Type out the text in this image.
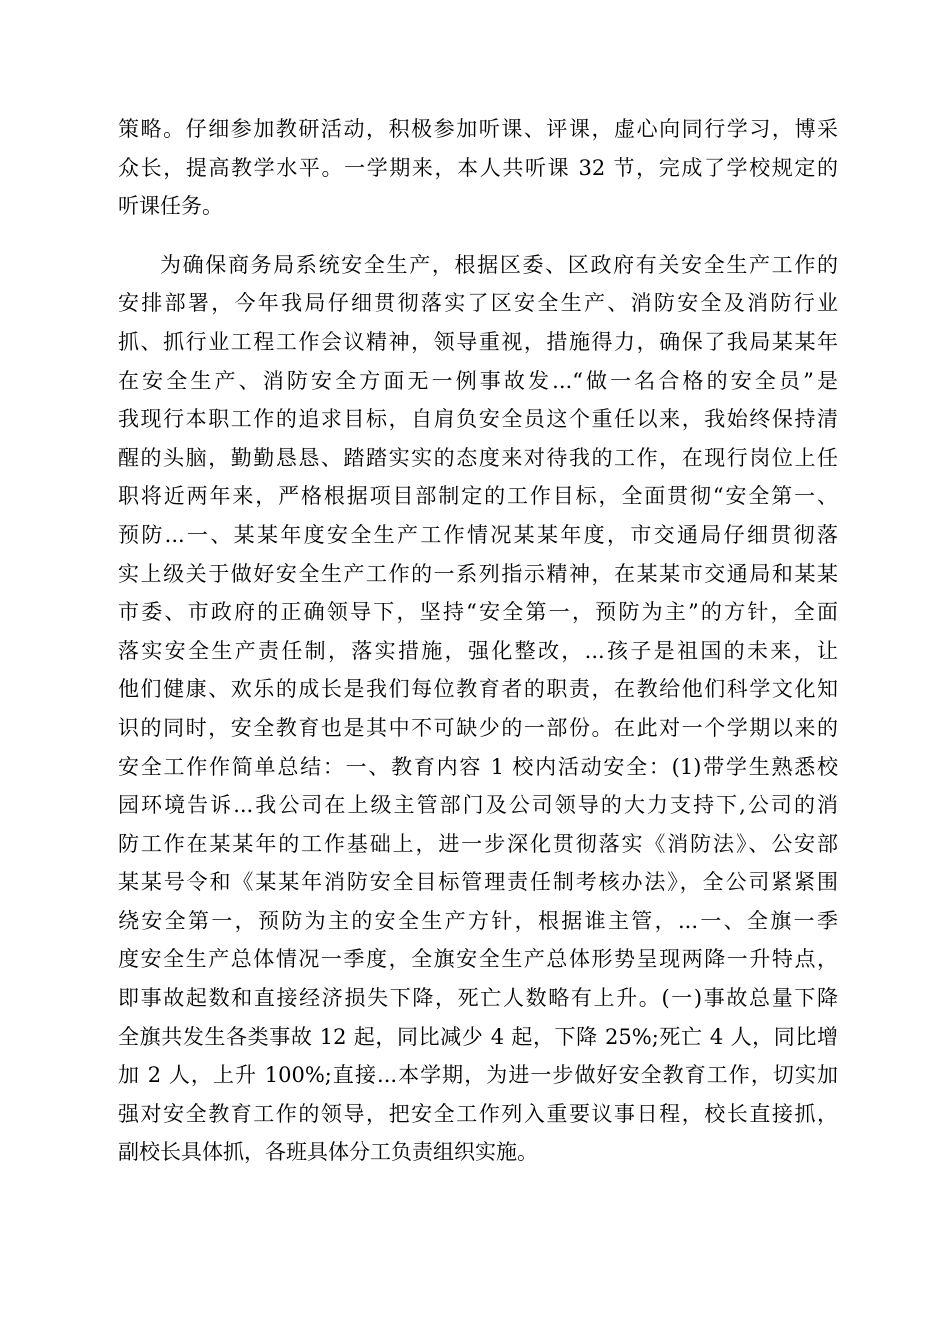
策略。仔细参加教研活动，积极参加听课、评课，虚心向同行学习，博采
众长，提高教学水平。一学期来，本人共听课 32 节，完成了学校规定的
听课任务。
为确保商务局系统安全生产，根据区委、区政府有关安全生产工作的
安排部署，今年我局仔细贯彻落实了区安全生产、消防安全及消防行业
抓、抓行业工程工作会议精神，领导重视，措施得力，确保了我局某某年
在安全生产、消防安全方面无一例事故发...“做一名合格的安全员”是
我现行本职工作的追求目标，自肩负安全员这个重任以来，我始终保持清
醒的头脑，勤勤恳恳、踏踏实实的态度来对待我的工作，在现行岗位上任
职将近两年来，严格根据项目部制定的工作目标，全面贯彻“安全第一、
预防...一、某某年度安全生产工作情况某某年度，市交通局仔细贯彻落
实上级关于做好安全生产工作的一系列指示精神，在某某市交通局和某某
市委、市政府的正确领导下，坚持“安全第一，预防为主”的方针，全面
落实安全生产责任制，落实措施，强化整改，...孩子是祖国的未来，让
他们健康、欢乐的成长是我们每位教育者的职责，在教给他们科学文化知
识的同时，安全教育也是其中不可缺少的一部份。在此对一个学期以来的
安全工作作简单总结：一、教育内容 1 校内活动安全：(1)带学生熟悉校
园环境告诉...我公司在上级主管部门及公司领导的大力支持下,公司的消
防工作在某某年的工作基础上，进一步深化贯彻落实《消防法》、公安部
某某号令和《某某年消防安全目标管理责任制考核办法》，全公司紧紧围
绕安全第一，预防为主的安全生产方针，根据谁主管，...一、全旗一季
度安全生产总体情况一季度，全旗安全生产总体形势呈现两降一升特点，
即事故起数和直接经济损失下降，死亡人数略有上升。(一)事故总量下降
全旗共发生各类事故 12 起，同比减少 4 起，下降 25%;死亡 4 人，同比增
加 2 人，上升 100%;直接...本学期，为进一步做好安全教育工作，切实加
强对安全教育工作的领导，把安全工作列入重要议事日程，校长直接抓，
副校长具体抓，各班具体分工负责组织实施。
